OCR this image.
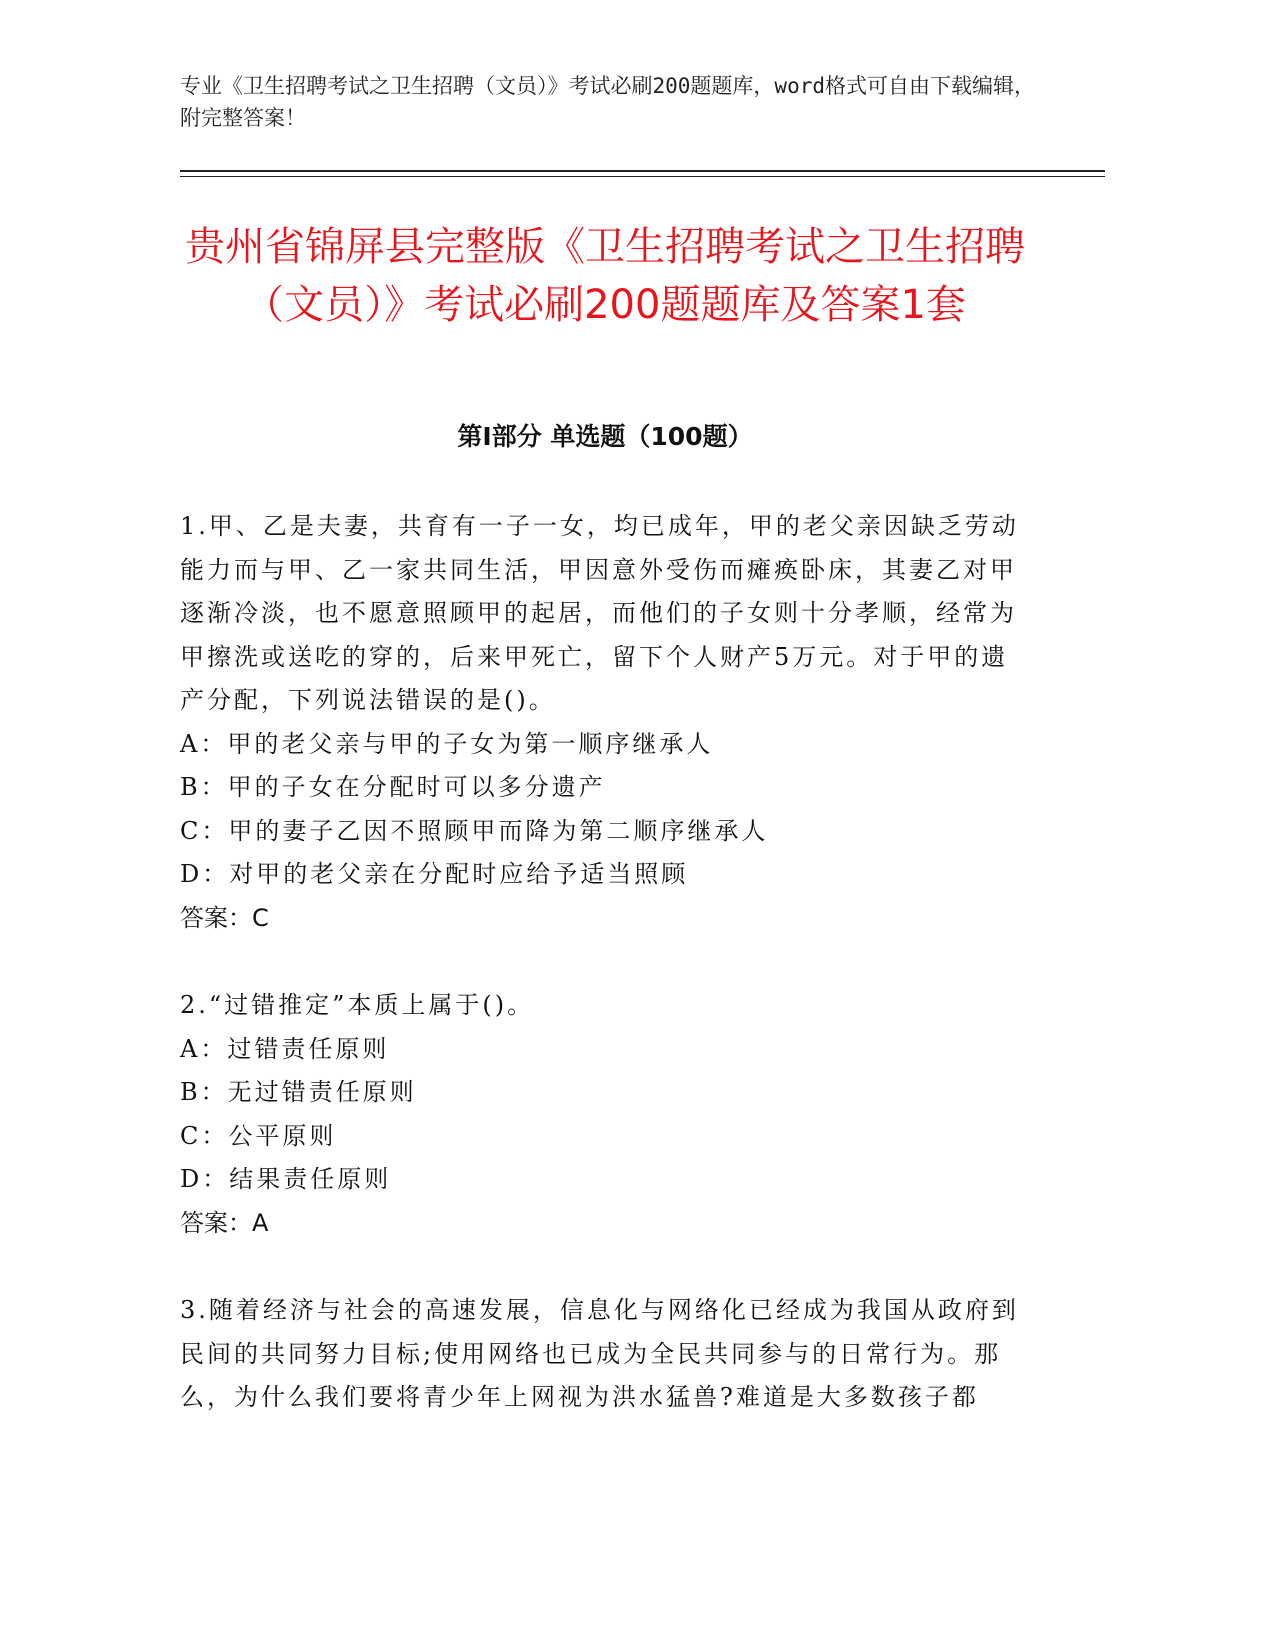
专业《卫生招聘考试之卫生招聘（文员）》考试必刷200题题库，word格式可自由下载编辑，附完整答案！
贵州省锦屏县完整版《卫生招聘考试之卫生招聘（文员）》考试必刷200题题库及答案1套
第Ⅰ部分 单选题（100题）

1.甲、乙是夫妻，共育有一子一女，均已成年，甲的老父亲因缺乏劳动能力而与甲、乙一家共同生活，甲因意外受伤而瘫痪卧床，其妻乙对甲逐渐冷淡，也不愿意照顾甲的起居，而他们的子女则十分孝顺，经常为甲擦洗或送吃的穿的，后来甲死亡，留下个人财产5万元。对于甲的遗产分配，下列说法错误的是()。

A：甲的老父亲与甲的子女为第一顺序继承人

B：甲的子女在分配时可以多分遗产

C：甲的妻子乙因不照顾甲而降为第二顺序继承人

D：对甲的老父亲在分配时应给予适当照顾

答案：C

2.“过错推定”本质上属于()。

A：过错责任原则

B：无过错责任原则

C：公平原则

D：结果责任原则

答案：A

3.随着经济与社会的高速发展，信息化与网络化已经成为我国从政府到民间的共同努力目标;使用网络也已成为全民共同参与的日常行为。那么，为什么我们要将青少年上网视为洪水猛兽?难道是大多数孩子都
